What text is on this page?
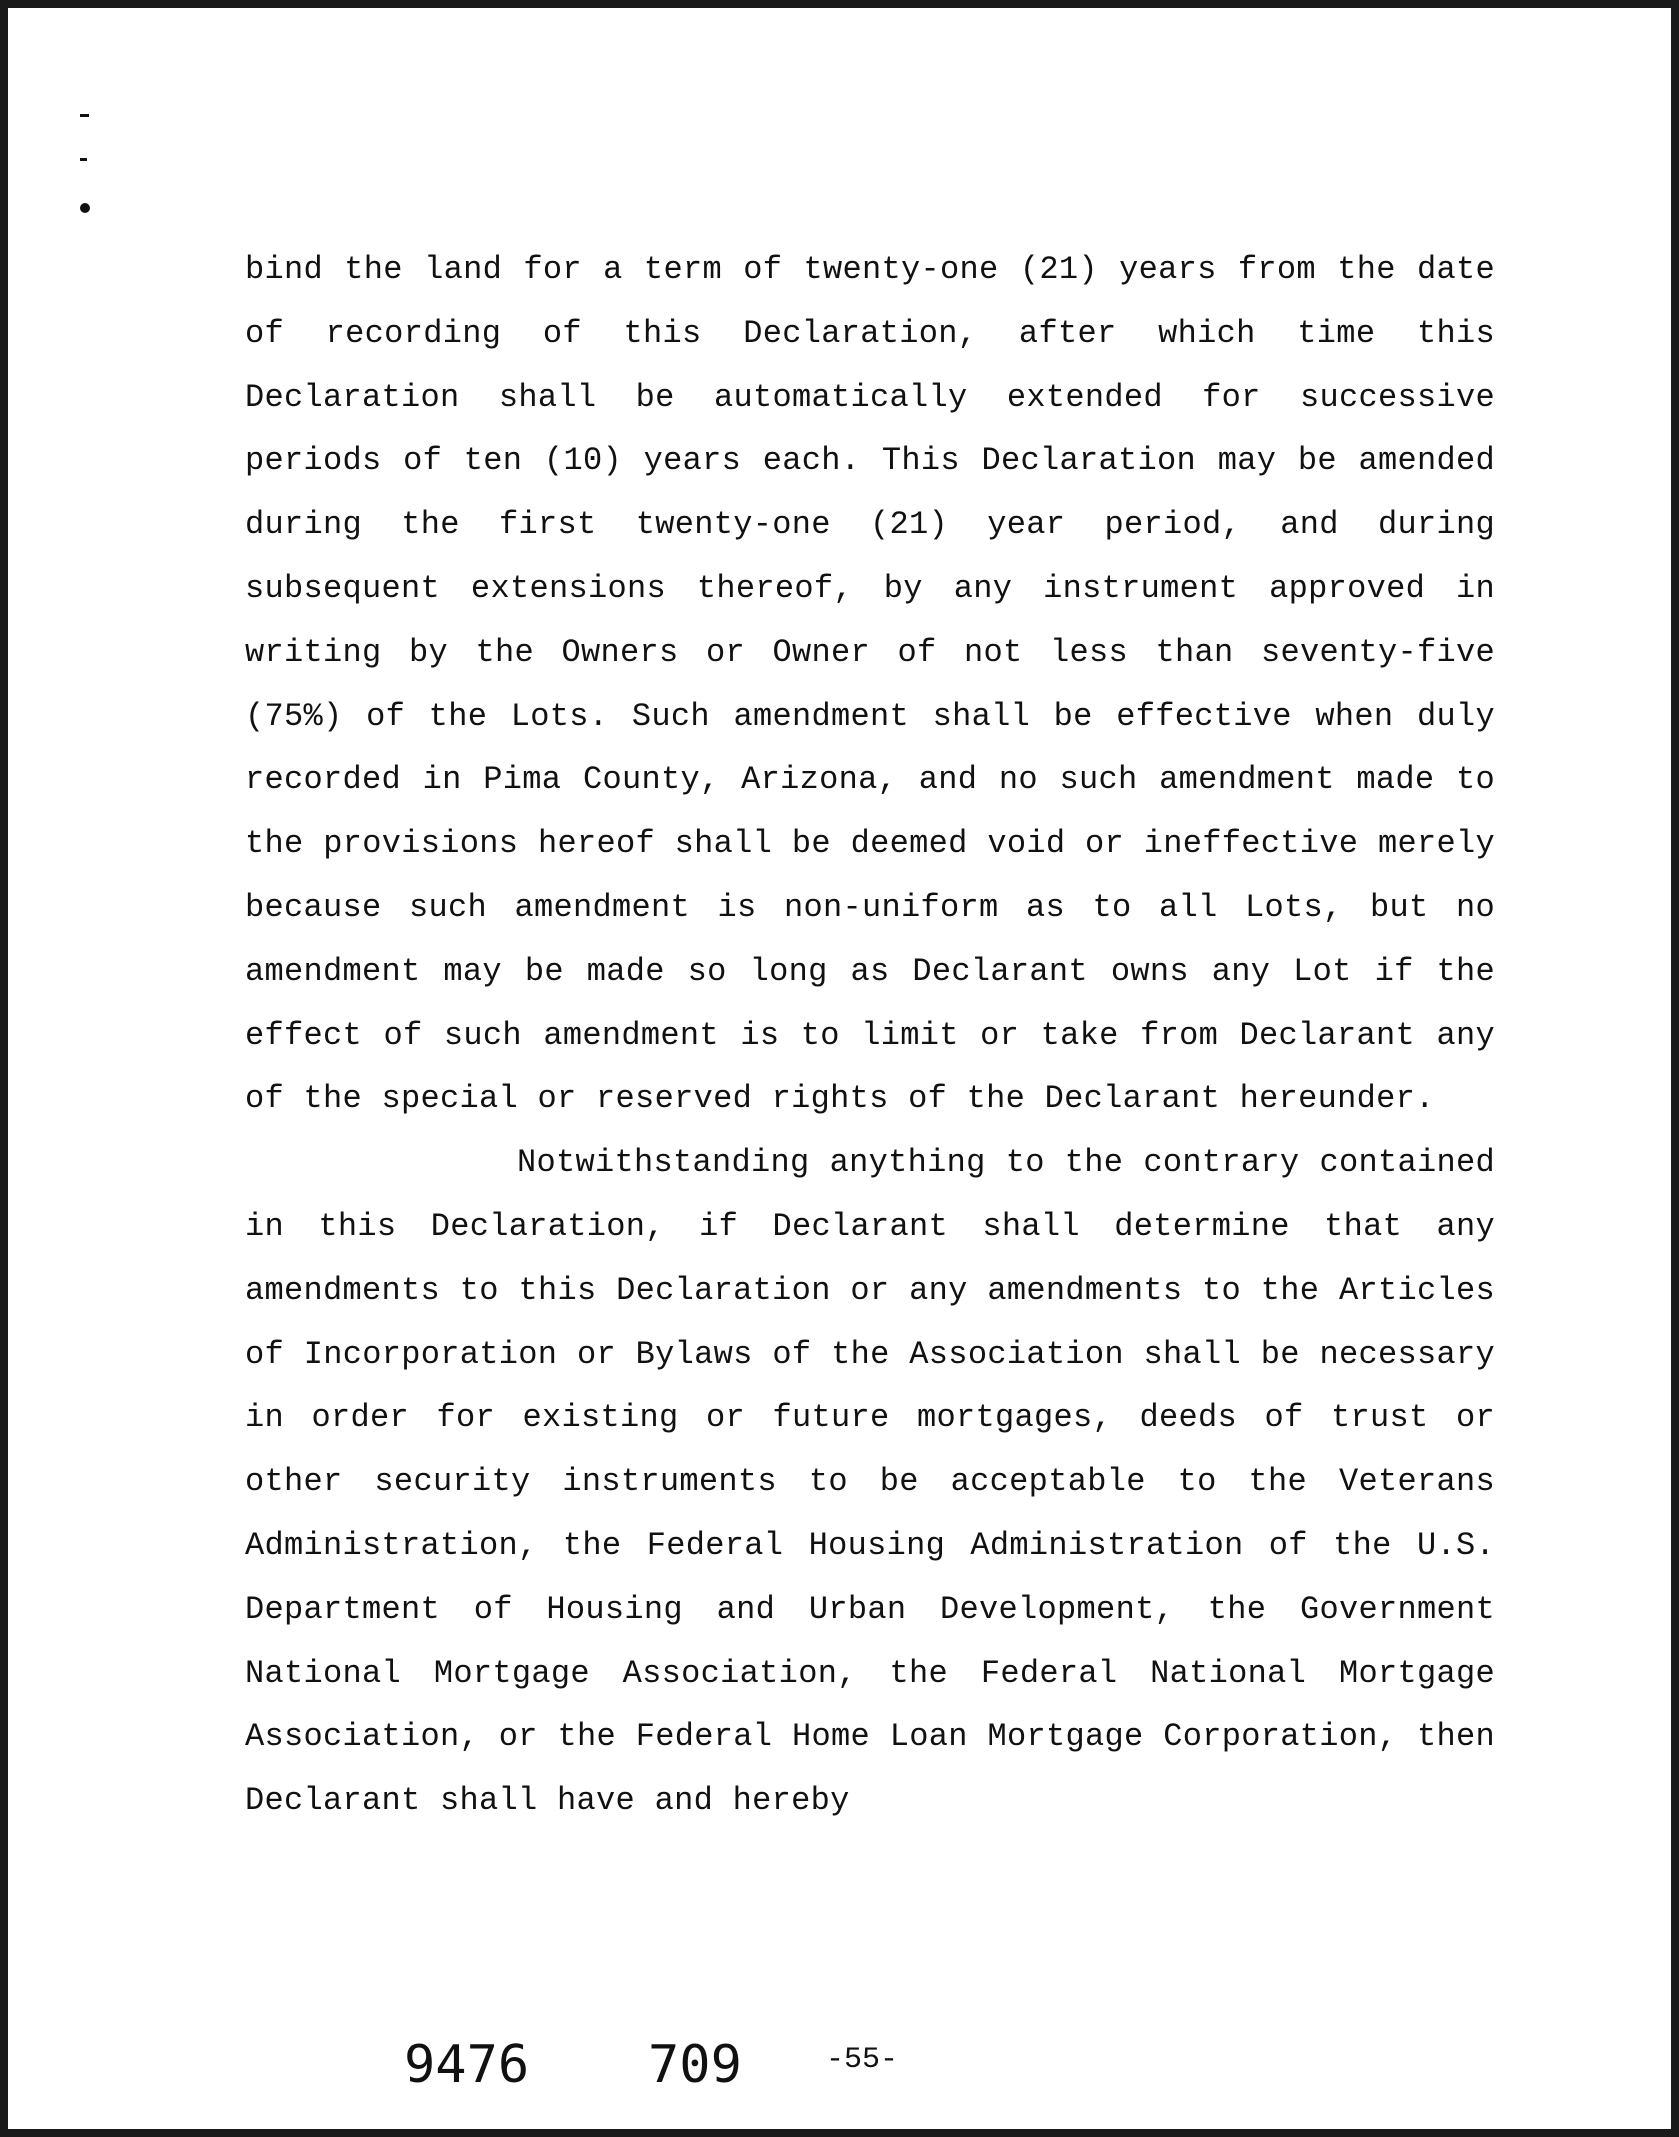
bind the land for a term of twenty-one (21) years from the date of recording of this Declaration, after which time this Declaration shall be automatically extended for successive periods of ten (10) years each. This Declaration may be amended during the first twenty-one (21) year period, and during subsequent extensions thereof, by any instrument approved in writing by the Owners or Owner of not less than seventy-five (75%) of the Lots. Such amendment shall be effective when duly recorded in Pima County, Arizona, and no such amendment made to the provisions hereof shall be deemed void or ineffective merely because such amendment is non-uniform as to all Lots, but no amendment may be made so long as Declarant owns any Lot if the effect of such amendment is to limit or take from Declarant any of the special or reserved rights of the Declarant hereunder.

Notwithstanding anything to the contrary contained in this Declaration, if Declarant shall determine that any amendments to this Declaration or any amendments to the Articles of Incorporation or Bylaws of the Association shall be necessary in order for existing or future mortgages, deeds of trust or other security instruments to be acceptable to the Veterans Administration, the Federal Housing Administration of the U.S. Department of Housing and Urban Development, the Government National Mortgage Association, the Federal National Mortgage Association, or the Federal Home Loan Mortgage Corporation, then Declarant shall have and hereby

9476 709	-55-
